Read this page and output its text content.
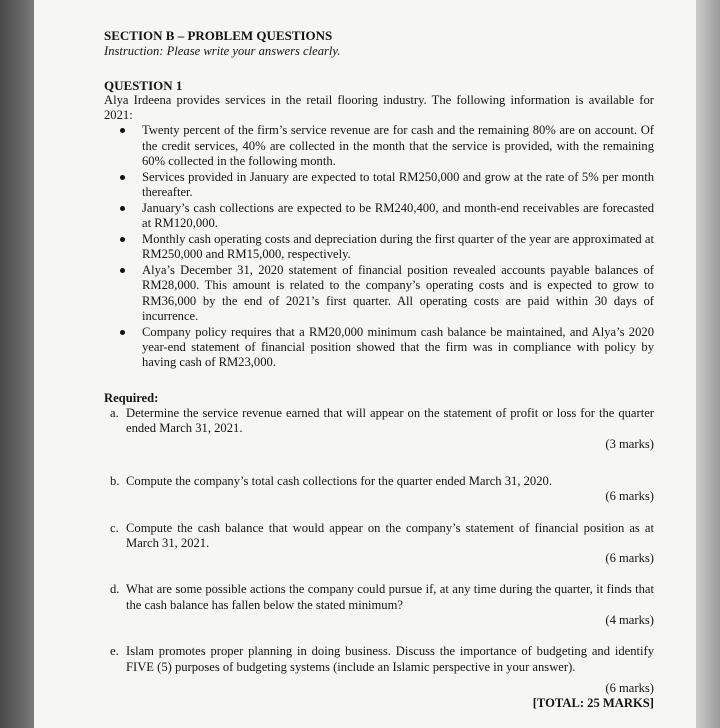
SECTION B – PROBLEM QUESTIONS

Instruction: Please write your answers clearly.

QUESTION 1

Alya Irdeena provides services in the retail flooring industry. The following information is available for 2021:

Twenty percent of the firm’s service revenue are for cash and the remaining 80% are on account. Of the credit services, 40% are collected in the month that the service is provided, with the remaining 60% collected in the following month.
Services provided in January are expected to total RM250,000 and grow at the rate of 5% per month thereafter.
January’s cash collections are expected to be RM240,400, and month-end receivables are forecasted at RM120,000.
Monthly cash operating costs and depreciation during the first quarter of the year are approximated at RM250,000 and RM15,000, respectively.
Alya’s December 31, 2020 statement of financial position revealed accounts payable balances of RM28,000. This amount is related to the company’s operating costs and is expected to grow to RM36,000 by the end of 2021’s first quarter. All operating costs are paid within 30 days of incurrence.
Company policy requires that a RM20,000 minimum cash balance be maintained, and Alya’s 2020 year-end statement of financial position showed that the firm was in compliance with policy by having cash of RM23,000.

Required:

a. Determine the service revenue earned that will appear on the statement of profit or loss for the quarter ended March 31, 2021.
(3 marks)
b. Compute the company’s total cash collections for the quarter ended March 31, 2020.
(6 marks)
c. Compute the cash balance that would appear on the company’s statement of financial position as at March 31, 2021.
(6 marks)
d. What are some possible actions the company could pursue if, at any time during the quarter, it finds that the cash balance has fallen below the stated minimum?
(4 marks)
e. Islam promotes proper planning in doing business. Discuss the importance of budgeting and identify FIVE (5) purposes of budgeting systems (include an Islamic perspective in your answer).
(6 marks)
[TOTAL: 25 MARKS]
